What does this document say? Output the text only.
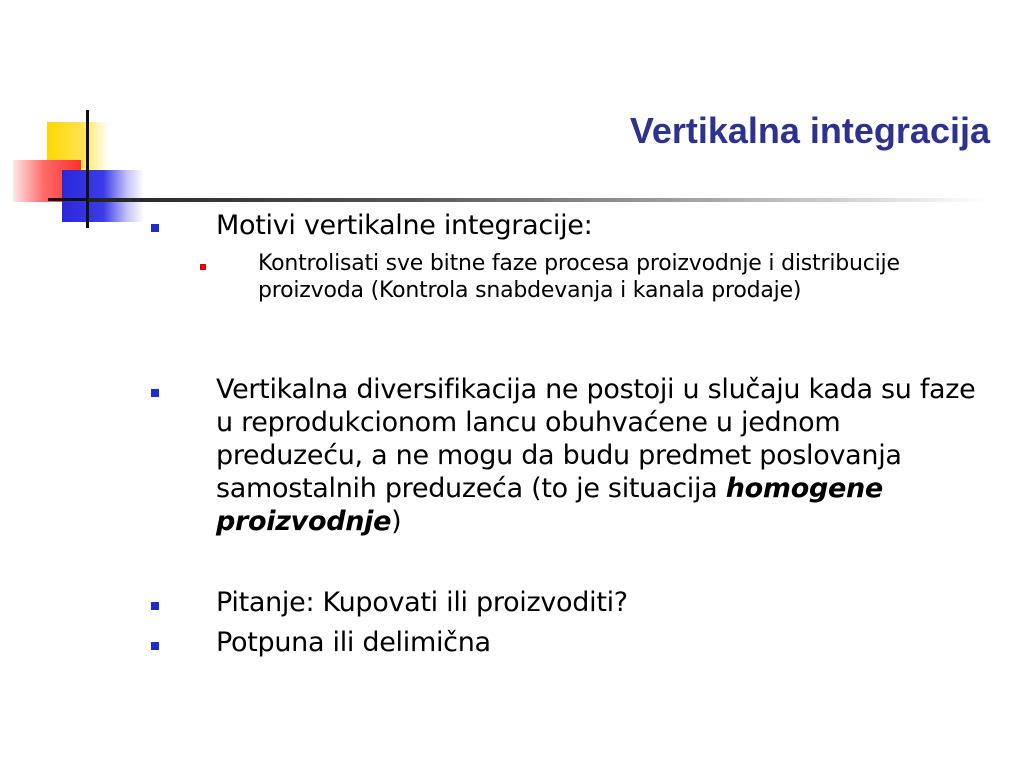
Vertikalna integracija
Motivi vertikalne integracije:
Kontrolisati sve bitne faze procesa proizvodnje i distribucije proizvoda (Kontrola snabdevanja i kanala prodaje)
Vertikalna diversifikacija ne postoji u slučaju kada su faze u reprodukcionom lancu obuhvaćene u jednom preduzeću, a ne mogu da budu predmet poslovanja samostalnih preduzeća (to je situacija homogene proizvodnje)
Pitanje: Kupovati ili proizvoditi?
Potpuna ili delimična
